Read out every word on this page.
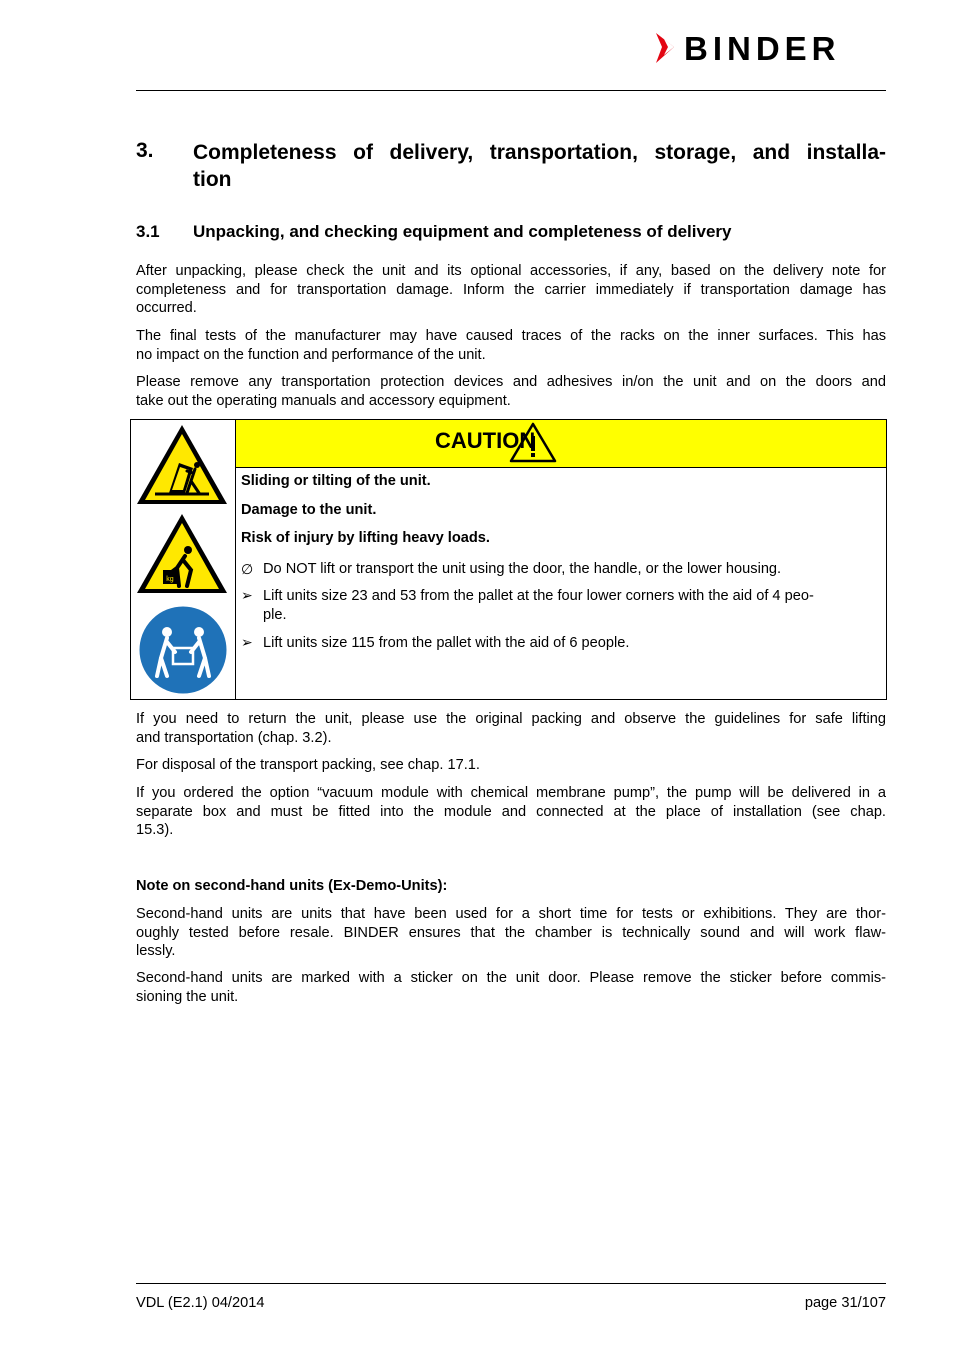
BINDER
3. Completeness of delivery, transportation, storage, and installa-
tion
3.1 Unpacking, and checking equipment and completeness of delivery
After unpacking, please check the unit and its optional accessories, if any, based on the delivery note for
completeness and for transportation damage. Inform the carrier immediately if transportation damage has
occurred.
The final tests of the manufacturer may have caused traces of the racks on the inner surfaces. This has
no impact on the function and performance of the unit.
Please remove any transportation protection devices and adhesives in/on the unit and on the doors and
take out the operating manuals and accessory equipment.
CAUTION
kg
Sliding or tilting of the unit.
Damage to the unit.
Risk of injury by lifting heavy loads.
∅ Do NOT lift or transport the unit using the door, the handle, or the lower housing.
➢ Lift units size 23 and 53 from the pallet at the four lower corners with the aid of 4 peo-
ple.
➢ Lift units size 115 from the pallet with the aid of 6 people.
If you need to return the unit, please use the original packing and observe the guidelines for safe lifting
and transportation (chap. 3.2).
For disposal of the transport packing, see chap. 17.1.
If you ordered the option “vacuum module with chemical membrane pump”, the pump will be delivered in a
separate box and must be fitted into the module and connected at the place of installation (see chap.
15.3).
Note on second-hand units (Ex-Demo-Units):
Second-hand units are units that have been used for a short time for tests or exhibitions. They are thor-
oughly tested before resale. BINDER ensures that the chamber is technically sound and will work flaw-
lessly.
Second-hand units are marked with a sticker on the unit door. Please remove the sticker before commis-
sioning the unit.
VDL (E2.1) 04/2014	page 31/107
